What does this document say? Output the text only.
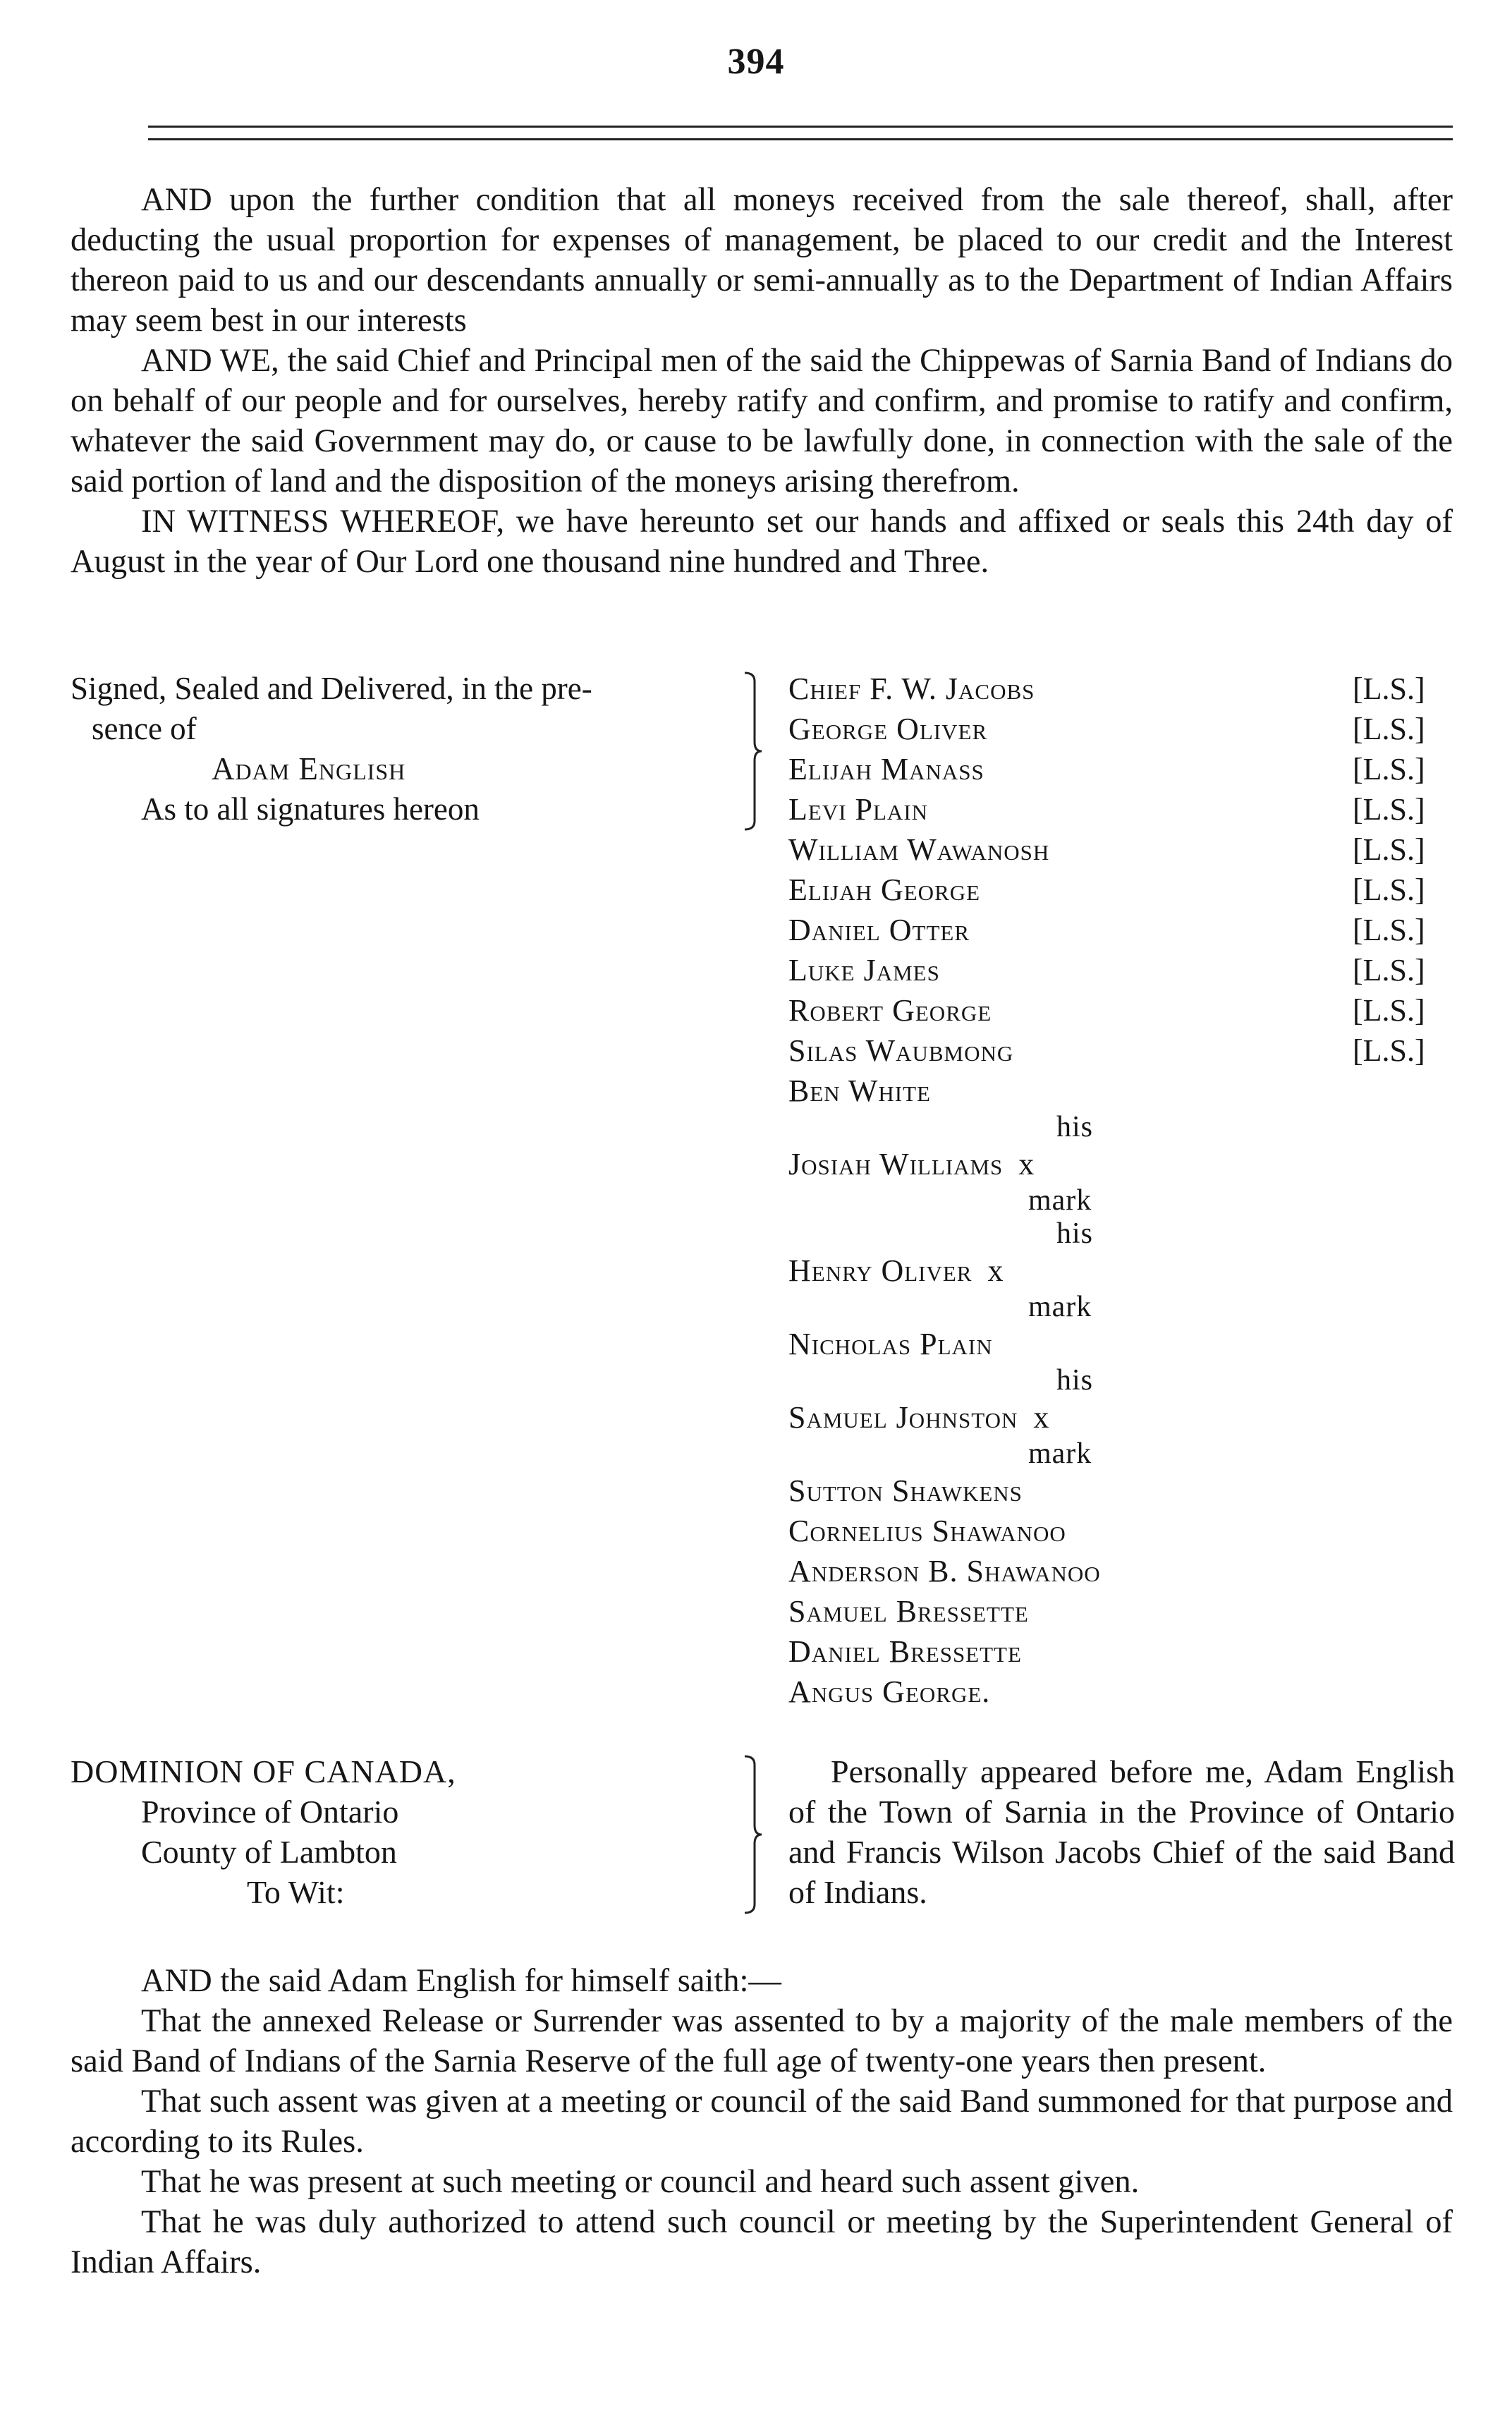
394

AND upon the further condition that all moneys received from the sale thereof, shall, after deducting the usual proportion for expenses of management, be placed to our credit and the Interest thereon paid to us and our descendants annually or semi-annually as to the Department of Indian Affairs may seem best in our interests

AND WE, the said Chief and Principal men of the said the Chippewas of Sarnia Band of Indians do on behalf of our people and for ourselves, hereby ratify and confirm, and promise to ratify and confirm, whatever the said Government may do, or cause to be lawfully done, in connection with the sale of the said portion of land and the disposition of the moneys arising therefrom.

IN WITNESS WHEREOF, we have hereunto set our hands and affixed or seals this 24th day of August in the year of Our Lord one thousand nine hundred and Three.

Signed, Sealed and Delivered, in the pre-
sence of
Adam English
As to all signatures hereon
Chief F. W. Jacobs	[L.S.]
George Oliver	[L.S.]
Elijah Manass	[L.S.]
Levi Plain	[L.S.]
William Wawanosh	[L.S.]
Elijah George	[L.S.]
Daniel Otter	[L.S.]
Luke James	[L.S.]
Robert George	[L.S.]
Silas Waubmong	[L.S.]
Ben White
his
Josiah Williams x
mark
his
Henry Oliver x
mark
Nicholas Plain
his
Samuel Johnston x
mark
Sutton Shawkens
Cornelius Shawanoo
Anderson B. Shawanoo
Samuel Bressette
Daniel Bressette
Angus George.
DOMINION OF CANADA,
Province of Ontario
County of Lambton
To Wit:
Personally appeared before me, Adam English of the Town of Sarnia in the Province of Ontario and Francis Wilson Jacobs Chief of the said Band of Indians.

AND the said Adam English for himself saith:—

That the annexed Release or Surrender was assented to by a majority of the male members of the said Band of Indians of the Sarnia Reserve of the full age of twenty-one years then present.

That such assent was given at a meeting or council of the said Band summoned for that purpose and according to its Rules.

That he was present at such meeting or council and heard such assent given.

That he was duly authorized to attend such council or meeting by the Superintendent General of Indian Affairs.
